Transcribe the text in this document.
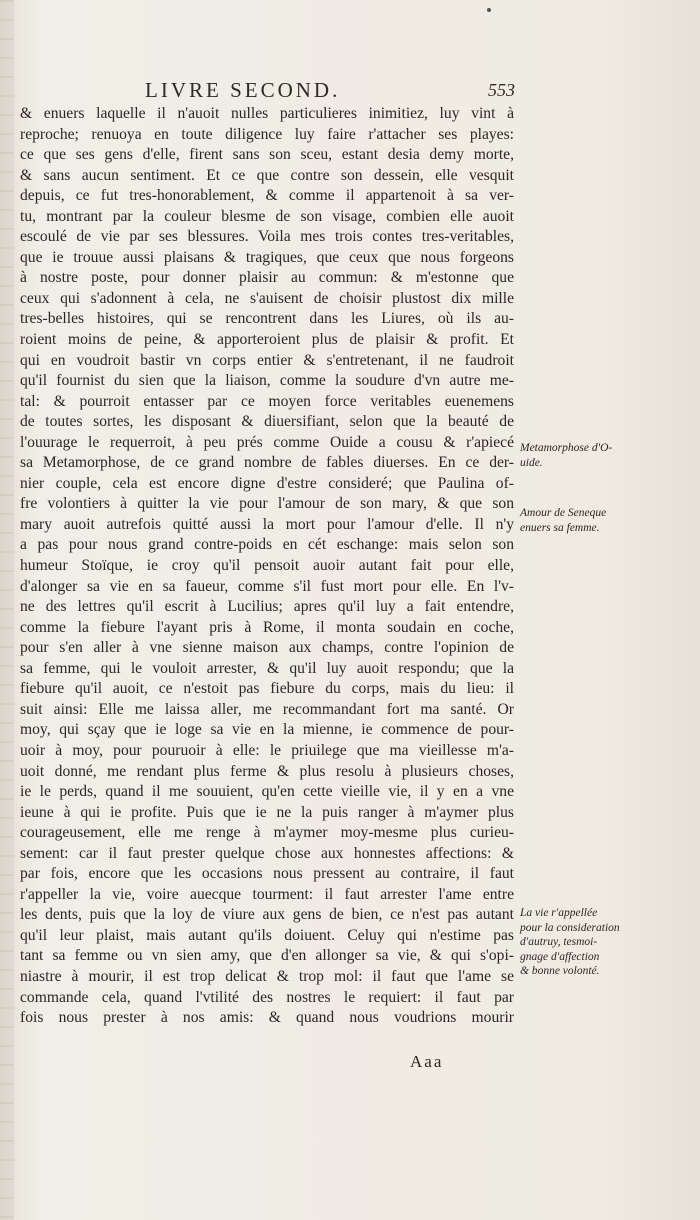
LIVRE SECOND.	553
& enuers laquelle il n'auoit nulles particulieres inimitiez, luy vint à
reproche; renuoya en toute diligence luy faire r'attacher ses playes:
ce que ses gens d'elle, firent sans son sceu, estant desia demy morte,
& sans aucun sentiment. Et ce que contre son dessein, elle vesquit
depuis, ce fut tres-honorablement, & comme il appartenoit à sa ver-
tu, montrant par la couleur blesme de son visage, combien elle auoit
escoulé de vie par ses blessures. Voila mes trois contes tres-veritables,
que ie trouue aussi plaisans & tragiques, que ceux que nous forgeons
à nostre poste, pour donner plaisir au commun: & m'estonne que
ceux qui s'adonnent à cela, ne s'auisent de choisir plustost dix mille
tres-belles histoires, qui se rencontrent dans les Liures, où ils au-
roient moins de peine, & apporteroient plus de plaisir & profit. Et
qui en voudroit bastir vn corps entier & s'entretenant, il ne faudroit
qu'il fournist du sien que la liaison, comme la soudure d'vn autre me-
tal: & pourroit entasser par ce moyen force veritables euenemens
de toutes sortes, les disposant & diuersifiant, selon que la beauté de
l'ouurage le requerroit, à peu prés comme Ouide a cousu & r'apiecé
sa Metamorphose, de ce grand nombre de fables diuerses. En ce der-
nier couple, cela est encore digne d'estre consideré; que Paulina of-
fre volontiers à quitter la vie pour l'amour de son mary, & que son
mary auoit autrefois quitté aussi la mort pour l'amour d'elle. Il n'y
a pas pour nous grand contre-poids en cét eschange: mais selon son
humeur Stoïque, ie croy qu'il pensoit auoir autant fait pour elle,
d'alonger sa vie en sa faueur, comme s'il fust mort pour elle. En l'v-
ne des lettres qu'il escrit à Lucilius; apres qu'il luy a fait entendre,
comme la fiebure l'ayant pris à Rome, il monta soudain en coche,
pour s'en aller à vne sienne maison aux champs, contre l'opinion de
sa femme, qui le vouloit arrester, & qu'il luy auoit respondu; que la
fiebure qu'il auoit, ce n'estoit pas fiebure du corps, mais du lieu: il
suit ainsi: Elle me laissa aller, me recommandant fort ma santé. Or
moy, qui sçay que ie loge sa vie en la mienne, ie commence de pour-
uoir à moy, pour pouruoir à elle: le priuilege que ma vieillesse m'a-
uoit donné, me rendant plus ferme & plus resolu à plusieurs choses,
ie le perds, quand il me souuient, qu'en cette vieille vie, il y en a vne
ieune à qui ie profite. Puis que ie ne la puis ranger à m'aymer plus
courageusement, elle me renge à m'aymer moy-mesme plus curieu-
sement: car il faut prester quelque chose aux honnestes affections: &
par fois, encore que les occasions nous pressent au contraire, il faut
r'appeller la vie, voire auecque tourment: il faut arrester l'ame entre
les dents, puis que la loy de viure aux gens de bien, ce n'est pas autant
qu'il leur plaist, mais autant qu'ils doiuent. Celuy qui n'estime pas
tant sa femme ou vn sien amy, que d'en allonger sa vie, & qui s'opi-
niastre à mourir, il est trop delicat & trop mol: il faut que l'ame se
commande cela, quand l'vtilité des nostres le requiert: il faut par
fois nous prester à nos amis: & quand nous voudrions mourir
Metamorphose d'O-
uide.
Amour de Seneque
enuers sa femme.
La vie r'appellée
pour la consideration
d'autruy, tesmoi-
gnage d'affection
& bonne volonté.
Aaa
